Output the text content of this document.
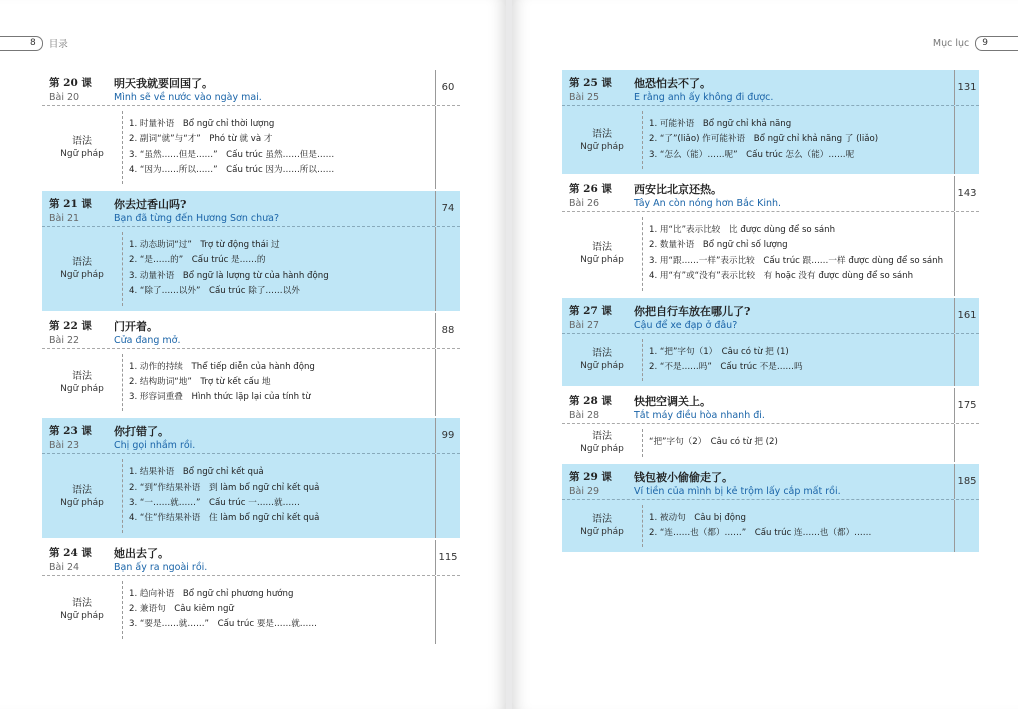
8	目录
第 20 课
Bài 20
明天我就要回国了。
Mình sẽ về nước vào ngày mai.
60
语法
Ngữ pháp
1. 时量补语　Bổ ngữ chỉ thời lượng
2. 副词“就”与“才”　Phó từ 就 và 才
3. “虽然……但是……”　Cấu trúc 虽然……但是……
4. “因为……所以……”　Cấu trúc 因为……所以……
第 21 课
Bài 21
你去过香山吗?
Bạn đã từng đến Hương Sơn chưa?
74
语法
Ngữ pháp
1. 动态助词“过”　Trợ từ động thái 过
2. “是……的”　Cấu trúc 是……的
3. 动量补语　Bổ ngữ là lượng từ của hành động
4. “除了……以外”　Cấu trúc 除了……以外
第 22 课
Bài 22
门开着。
Cửa đang mở.
88
语法
Ngữ pháp
1. 动作的持续　Thể tiếp diễn của hành động
2. 结构助词“地”　Trợ từ kết cấu 地
3. 形容词重叠　Hình thức lặp lại của tính từ
第 23 课
Bài 23
你打错了。
Chị gọi nhầm rồi.
99
语法
Ngữ pháp
1. 结果补语　Bổ ngữ chỉ kết quả
2. “到”作结果补语　到 làm bổ ngữ chỉ kết quả
3. “一……就……”　Cấu trúc 一……就……
4. “住”作结果补语　住 làm bổ ngữ chỉ kết quả
第 24 课
Bài 24
她出去了。
Bạn ấy ra ngoài rồi.
115
语法
Ngữ pháp
1. 趋向补语　Bổ ngữ chỉ phương hướng
2. 兼语句　Câu kiêm ngữ
3. “要是……就……”　Cấu trúc 要是……就……
Mục lục	9
第 25 课
Bài 25
他恐怕去不了。
E rằng anh ấy không đi được.
131
语法
Ngữ pháp
1. 可能补语　Bổ ngữ chỉ khả năng
2. “了”(liǎo) 作可能补语　Bổ ngữ chỉ khả năng 了 (liǎo)
3. “怎么（能）……呢”　Cấu trúc 怎么（能）……呢
第 26 课
Bài 26
西安比北京还热。
Tây An còn nóng hơn Bắc Kinh.
143
语法
Ngữ pháp
1. 用“比”表示比较　比 được dùng để so sánh
2. 数量补语　Bổ ngữ chỉ số lượng
3. 用“跟……一样”表示比较　Cấu trúc 跟……一样 được dùng để so sánh
4. 用“有”或“没有”表示比较　有 hoặc 没有 được dùng để so sánh
第 27 课
Bài 27
你把自行车放在哪儿了?
Cậu để xe đạp ở đâu?
161
语法
Ngữ pháp
1. “把”字句（1）　Câu có từ 把 (1)
2. “不是……吗”　Cấu trúc 不是……吗
第 28 课
Bài 28
快把空调关上。
Tắt máy điều hòa nhanh đi.
175
语法
Ngữ pháp
“把”字句（2）　Câu có từ 把 (2)
第 29 课
Bài 29
钱包被小偷偷走了。
Ví tiền của mình bị kẻ trộm lấy cắp mất rồi.
185
语法
Ngữ pháp
1. 被动句　Câu bị động
2. “连……也（都）……”　Cấu trúc 连……也（都）……
